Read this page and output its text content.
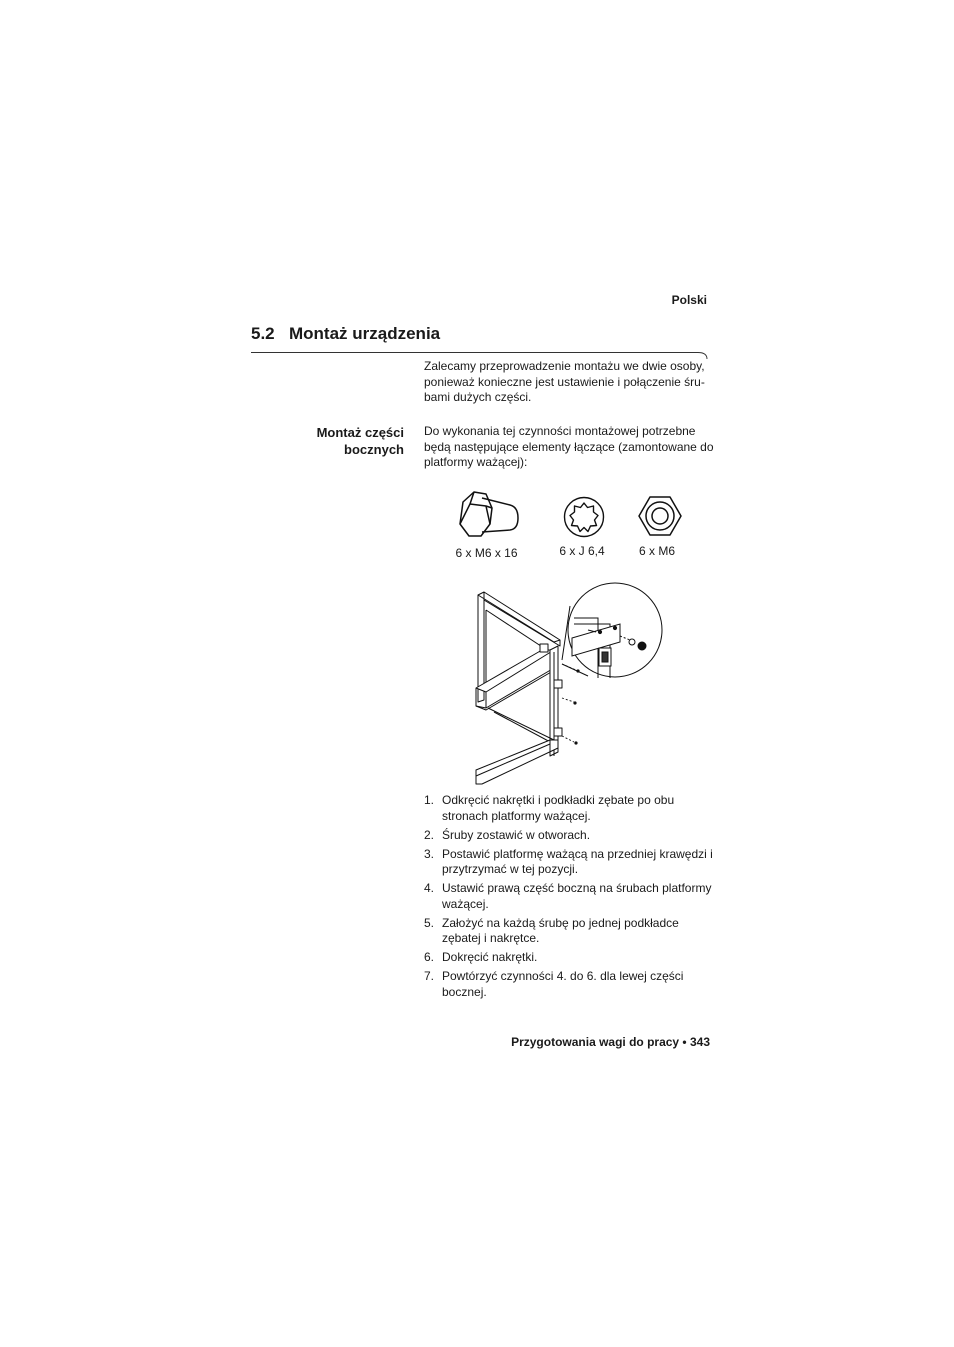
Polski
5.2 Montaż urządzenia
Zalecamy przeprowadzenie montażu we dwie osoby, ponieważ konieczne jest ustawienie i połączenie śru-bami dużych części.
Montaż części
bocznych
Do wykonania tej czynności montażowej potrzebne będą następujące elementy łączące (zamontowane do platformy ważącej):
6 x M6 x 16	6 x J 6,4	6 x M6
1. Odkręcić nakrętki i podkładki zębate po obu stronach platformy ważącej.
2. Śruby zostawić w otworach.
3. Postawić platformę ważącą na przedniej krawędzi i przytrzymać w tej pozycji.
4. Ustawić prawą część boczną na śrubach platformy ważącej.
5. Założyć na każdą śrubę po jednej podkładce zębatej i nakrętce.
6. Dokręcić nakrętki.
7. Powtórzyć czynności 4. do 6. dla lewej części bocznej.
Przygotowania wagi do pracy • 343
